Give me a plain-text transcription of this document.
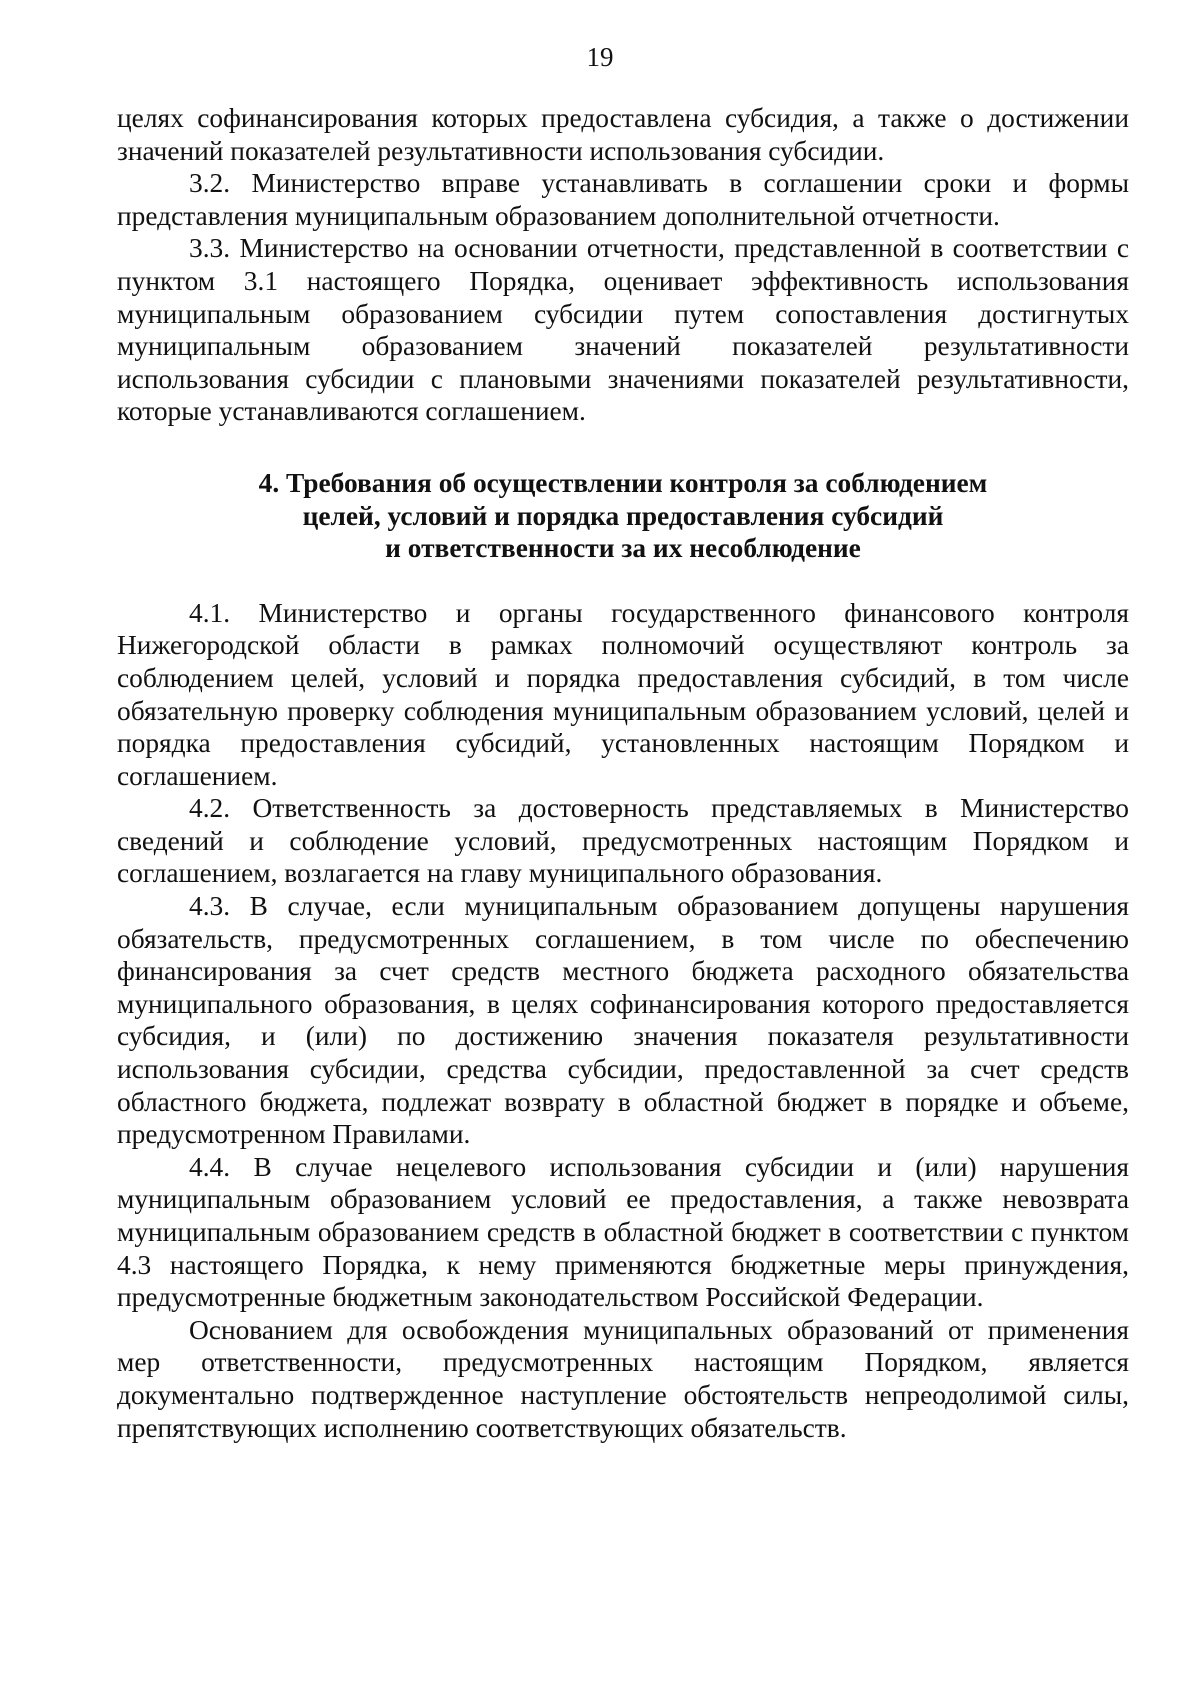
19

целях софинансирования которых предоставлена субсидия, а также о достижении значений показателей результативности использования субсидии.

3.2. Министерство вправе устанавливать в соглашении сроки и формы представления муниципальным образованием дополнительной отчетности.

3.3. Министерство на основании отчетности, представленной в соответствии с пунктом 3.1 настоящего Порядка, оценивает эффективность использования муниципальным образованием субсидии путем сопоставления достигнутых муниципальным образованием значений показателей результативности использования субсидии с плановыми значениями показателей результативности, которые устанавливаются соглашением.

4. Требования об осуществлении контроля за соблюдением
целей, условий и порядка предоставления субсидий
и ответственности за их несоблюдение

4.1. Министерство и органы государственного финансового контроля Нижегородской области в рамках полномочий осуществляют контроль за соблюдением целей, условий и порядка предоставления субсидий, в том числе обязательную проверку соблюдения муниципальным образованием условий, целей и порядка предоставления субсидий, установленных настоящим Порядком и соглашением.

4.2. Ответственность за достоверность представляемых в Министерство сведений и соблюдение условий, предусмотренных настоящим Порядком и соглашением, возлагается на главу муниципального образования.

4.3. В случае, если муниципальным образованием допущены нарушения обязательств, предусмотренных соглашением, в том числе по обеспечению финансирования за счет средств местного бюджета расходного обязательства муниципального образования, в целях софинансирования которого предоставляется субсидия, и (или) по достижению значения показателя результативности использования субсидии, средства субсидии, предоставленной за счет средств областного бюджета, подлежат возврату в областной бюджет в порядке и объеме, предусмотренном Правилами.

4.4. В случае нецелевого использования субсидии и (или) нарушения муниципальным образованием условий ее предоставления, а также невозврата муниципальным образованием средств в областной бюджет в соответствии с пунктом 4.3 настоящего Порядка, к нему применяются бюджетные меры принуждения, предусмотренные бюджетным законодательством Российской Федерации.

Основанием для освобождения муниципальных образований от применения мер ответственности, предусмотренных настоящим Порядком, является документально подтвержденное наступление обстоятельств непреодолимой силы, препятствующих исполнению соответствующих обязательств.
